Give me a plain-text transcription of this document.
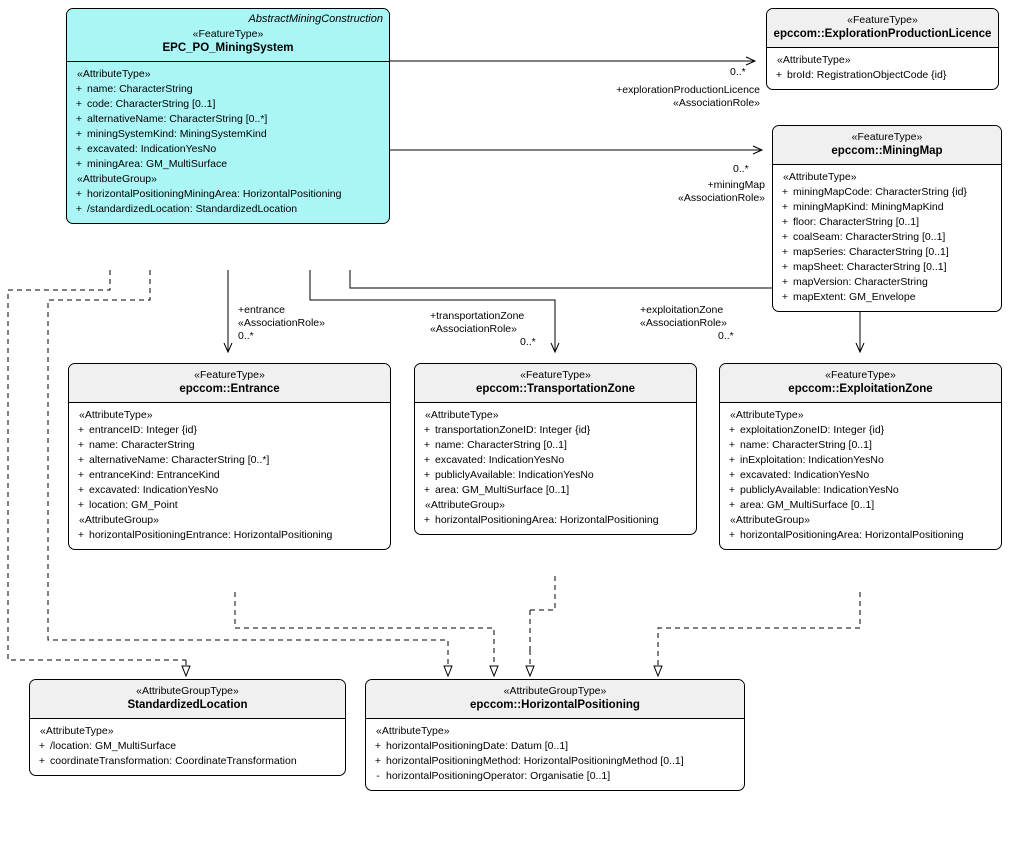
AbstractMiningConstruction
«FeatureType»
EPC_PO_MiningSystem
«AttributeType»
+ name: CharacterString
+ code: CharacterString [0..1]
+ alternativeName: CharacterString [0..*]
+ miningSystemKind: MiningSystemKind
+ excavated: IndicationYesNo
+ miningArea: GM_MultiSurface
«AttributeGroup»
+ horizontalPositioningMiningArea: HorizontalPositioning
+ /standardizedLocation: StandardizedLocation
«FeatureType»
epccom::ExplorationProductionLicence
«AttributeType»
+ broId: RegistrationObjectCode {id}
«FeatureType»
epccom::MiningMap
«AttributeType»
+ miningMapCode: CharacterString {id}
+ miningMapKind: MiningMapKind
+ floor: CharacterString [0..1]
+ coalSeam: CharacterString [0..1]
+ mapSeries: CharacterString [0..1]
+ mapSheet: CharacterString [0..1]
+ mapVersion: CharacterString
+ mapExtent: GM_Envelope
«FeatureType»
epccom::Entrance
«AttributeType»
+ entranceID: Integer {id}
+ name: CharacterString
+ alternativeName: CharacterString [0..*]
+ entranceKind: EntranceKind
+ excavated: IndicationYesNo
+ location: GM_Point
«AttributeGroup»
+ horizontalPositioningEntrance: HorizontalPositioning
«FeatureType»
epccom::TransportationZone
«AttributeType»
+ transportationZoneID: Integer {id}
+ name: CharacterString [0..1]
+ excavated: IndicationYesNo
+ publiclyAvailable: IndicationYesNo
+ area: GM_MultiSurface [0..1]
«AttributeGroup»
+ horizontalPositioningArea: HorizontalPositioning
«FeatureType»
epccom::ExploitationZone
«AttributeType»
+ exploitationZoneID: Integer {id}
+ name: CharacterString [0..1]
+ inExploitation: IndicationYesNo
+ excavated: IndicationYesNo
+ publiclyAvailable: IndicationYesNo
+ area: GM_MultiSurface [0..1]
«AttributeGroup»
+ horizontalPositioningArea: HorizontalPositioning
«AttributeGroupType»
StandardizedLocation
«AttributeType»
+ /location: GM_MultiSurface
+ coordinateTransformation: CoordinateTransformation
«AttributeGroupType»
epccom::HorizontalPositioning
«AttributeType»
+ horizontalPositioningDate: Datum [0..1]
+ horizontalPositioningMethod: HorizontalPositioningMethod [0..1]
- horizontalPositioningOperator: Organisatie [0..1]
+explorationProductionLicence
«AssociationRole»
0..*
+miningMap
«AssociationRole»
0..*
+entrance
«AssociationRole»
0..*
+transportationZone
«AssociationRole»
0..*
+exploitationZone
«AssociationRole»
0..*
